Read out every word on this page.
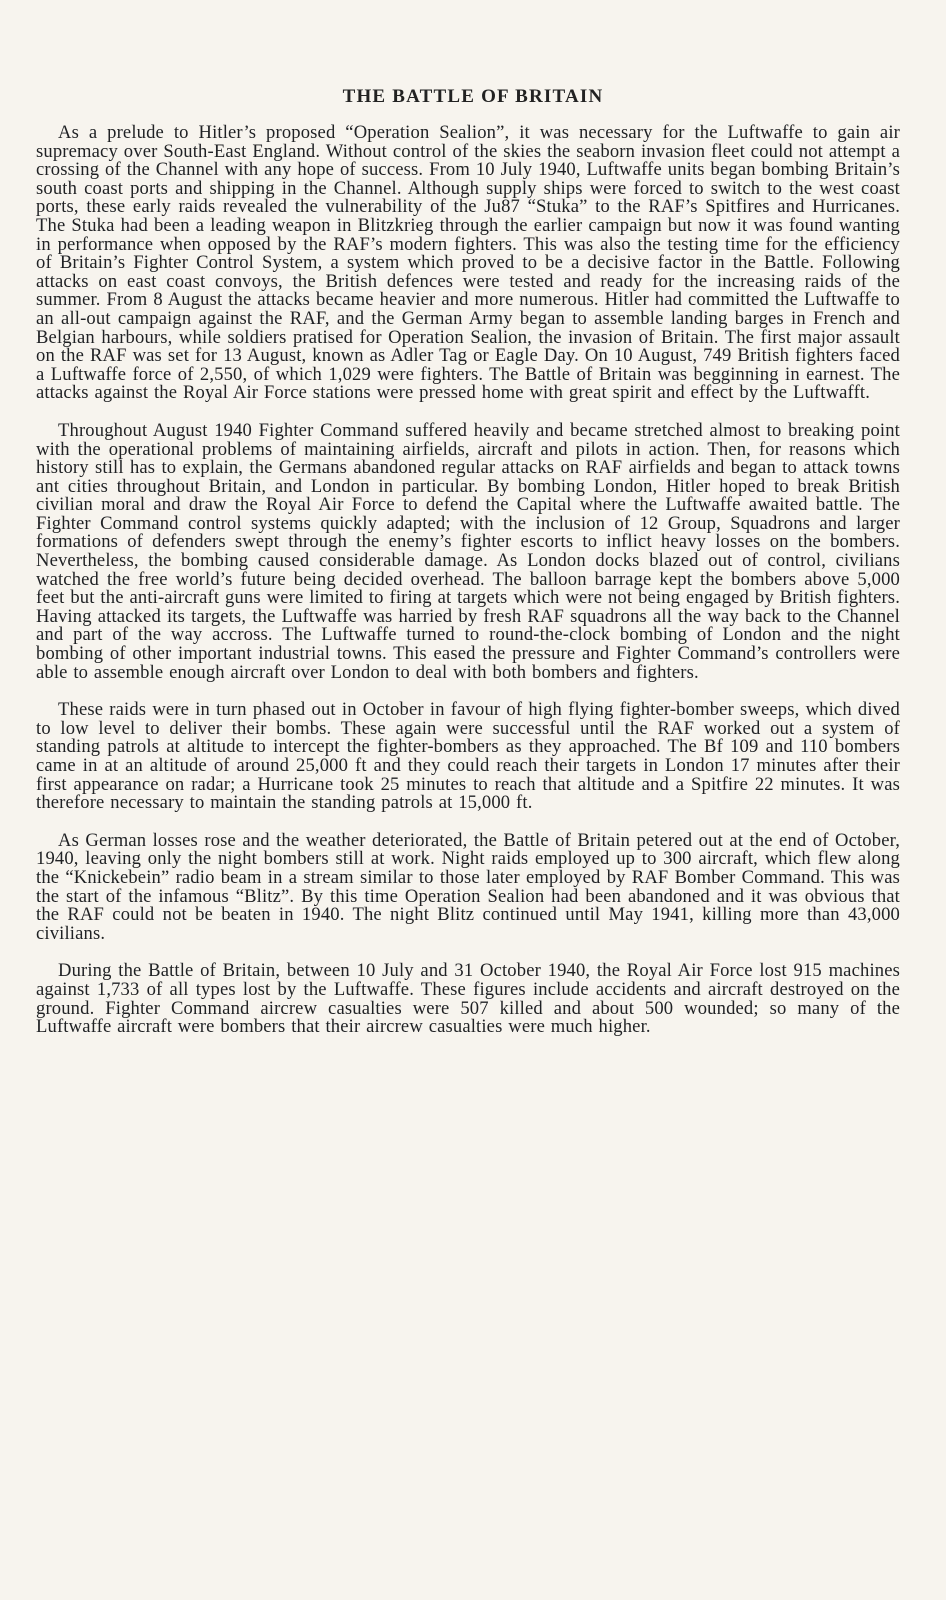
THE BATTLE OF BRITAIN

As a prelude to Hitler’s proposed “Operation Sealion”, it was necessary for the Luftwaffe to gain air supremacy over South-East England. Without control of the skies the seaborn invasion fleet could not attempt a crossing of the Channel with any hope of success. From 10 July 1940, Luftwaffe units began bombing Britain’s south coast ports and shipping in the Channel. Although supply ships were forced to switch to the west coast ports, these early raids revealed the vulnerability of the Ju87 “Stuka” to the RAF’s Spitfires and Hurricanes. The Stuka had been a leading weapon in Blitzkrieg through the earlier campaign but now it was found wanting in performance when opposed by the RAF’s modern fighters. This was also the testing time for the efficiency of Britain’s Fighter Control System, a system which proved to be a decisive factor in the Battle. Following attacks on east coast convoys, the British defences were tested and ready for the increasing raids of the summer. From 8 August the attacks became heavier and more numerous. Hitler had committed the Luftwaffe to an all-out campaign against the RAF, and the German Army began to assemble landing barges in French and Belgian harbours, while soldiers pratised for Operation Sealion, the invasion of Britain. The first major assault on the RAF was set for 13 August, known as Adler Tag or Eagle Day. On 10 August, 749 British fighters faced a Luftwaffe force of 2,550, of which 1,029 were fighters. The Battle of Britain was begginning in earnest. The attacks against the Royal Air Force stations were pressed home with great spirit and effect by the Luftwafft.

Throughout August 1940 Fighter Command suffered heavily and became stretched almost to breaking point with the operational problems of maintaining airfields, aircraft and pilots in action. Then, for reasons which history still has to explain, the Germans abandoned regular attacks on RAF airfields and began to attack towns ant cities throughout Britain, and London in particular. By bombing London, Hitler hoped to break British civilian moral and draw the Royal Air Force to defend the Capital where the Luftwaffe awaited battle. The Fighter Command control systems quickly adapted; with the inclusion of 12 Group, Squadrons and larger formations of defenders swept through the enemy’s fighter escorts to inflict heavy losses on the bombers. Nevertheless, the bombing caused considerable damage. As London docks blazed out of control, civilians watched the free world’s future being decided overhead. The balloon barrage kept the bombers above 5,000 feet but the anti-aircraft guns were limited to firing at targets which were not being engaged by British fighters. Having attacked its targets, the Luftwaffe was harried by fresh RAF squadrons all the way back to the Channel and part of the way accross. The Luftwaffe turned to round-the-clock bombing of London and the night bombing of other important industrial towns. This eased the pressure and Fighter Command’s controllers were able to assemble enough aircraft over London to deal with both bombers and fighters.

These raids were in turn phased out in October in favour of high flying fighter-bomber sweeps, which dived to low level to deliver their bombs. These again were successful until the RAF worked out a system of standing patrols at altitude to intercept the fighter-bombers as they approached. The Bf 109 and 110 bombers came in at an altitude of around 25,000 ft and they could reach their targets in London 17 minutes after their first appearance on radar; a Hurricane took 25 minutes to reach that altitude and a Spitfire 22 minutes. It was therefore necessary to maintain the standing patrols at 15,000 ft.

As German losses rose and the weather deteriorated, the Battle of Britain petered out at the end of October, 1940, leaving only the night bombers still at work. Night raids employed up to 300 aircraft, which flew along the “Knickebein” radio beam in a stream similar to those later employed by RAF Bomber Command. This was the start of the infamous “Blitz”. By this time Operation Sealion had been abandoned and it was obvious that the RAF could not be beaten in 1940. The night Blitz continued until May 1941, killing more than 43,000 civilians.

During the Battle of Britain, between 10 July and 31 October 1940, the Royal Air Force lost 915 machines against 1,733 of all types lost by the Luftwaffe. These figures include accidents and aircraft destroyed on the ground. Fighter Command aircrew casualties were 507 killed and about 500 wounded; so many of the Luftwaffe aircraft were bombers that their aircrew casualties were much higher.
